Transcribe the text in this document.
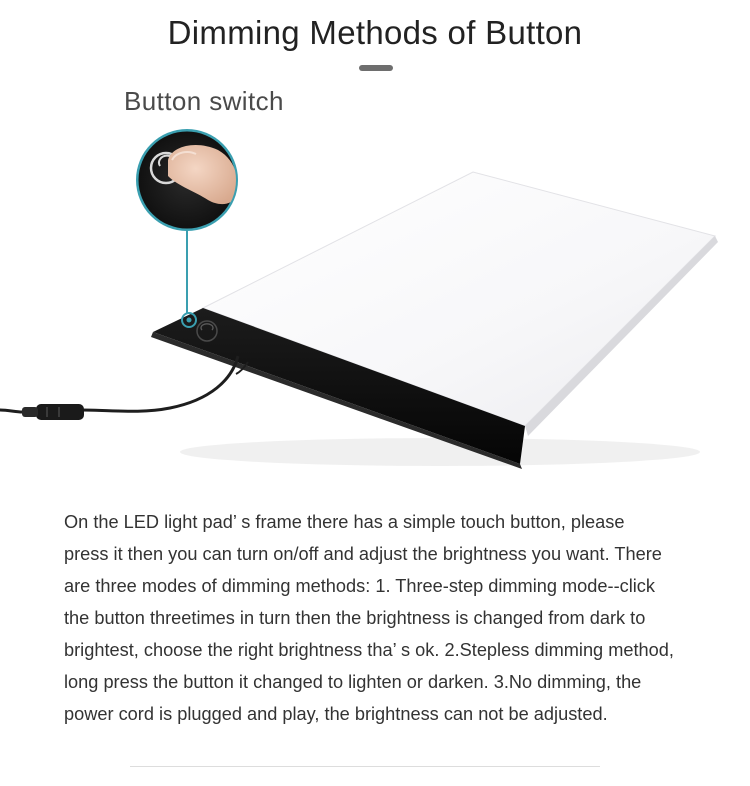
Dimming Methods of Button
Button switch

On the LED light pad’ s frame there has a simple touch button, please

press it then you can turn on/off and adjust the brightness you want. There

are three modes of dimming methods: 1. Three-step dimming mode--click

the button threetimes in turn then the brightness is changed from dark to

brightest, choose the right brightness tha’ s ok. 2.Stepless dimming method,

long press the button it changed to lighten or darken. 3.No dimming, the

power cord is plugged and play, the brightness can not be adjusted.
